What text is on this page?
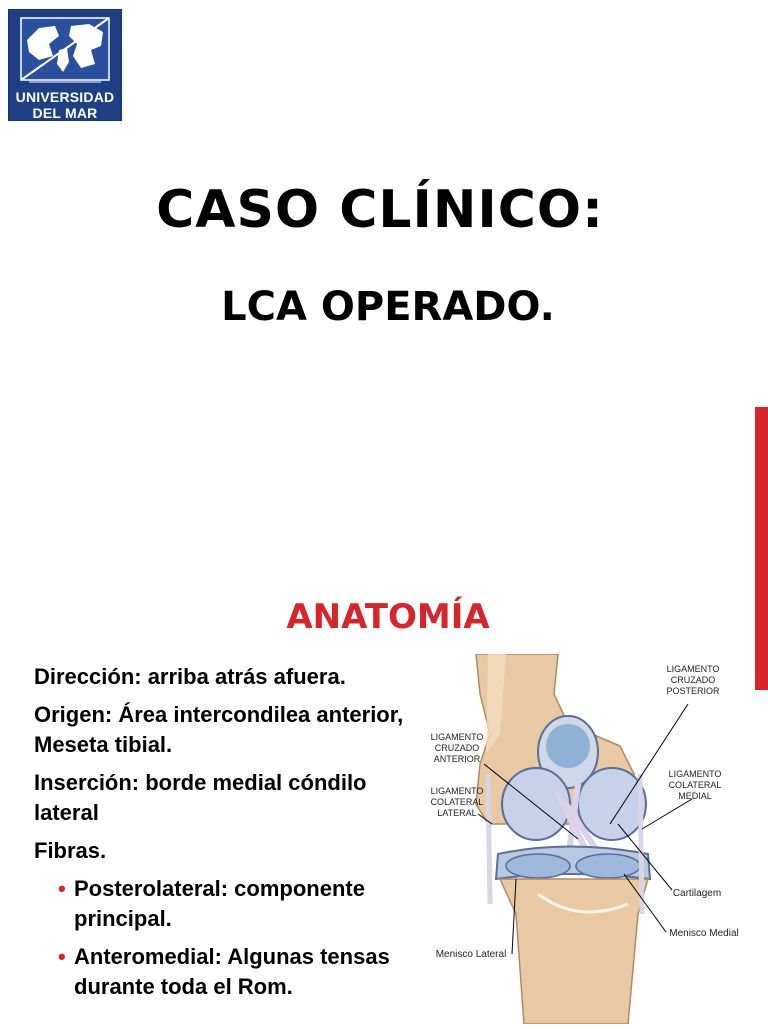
UNIVERSIDAD
DEL MAR
CASO CLÍNICO:
LCA OPERADO.
ANATOMÍA

Dirección: arriba atrás afuera.

Origen: Área intercondilea anterior, Meseta tibial.

Inserción: borde medial cóndilo lateral

Fibras.

• Posterolateral: componente principal.
• Anteromedial: Algunas tensas durante toda el Rom.
LIGAMENTO
CRUZADO
POSTERIOR
LIGAMENTO
CRUZADO
ANTERIOR
LIGAMENTO
COLATERAL
LATERAL
LIGAMENTO
COLATERAL
MEDIAL
Cartilagem
Menisco Medial
Menisco Lateral
